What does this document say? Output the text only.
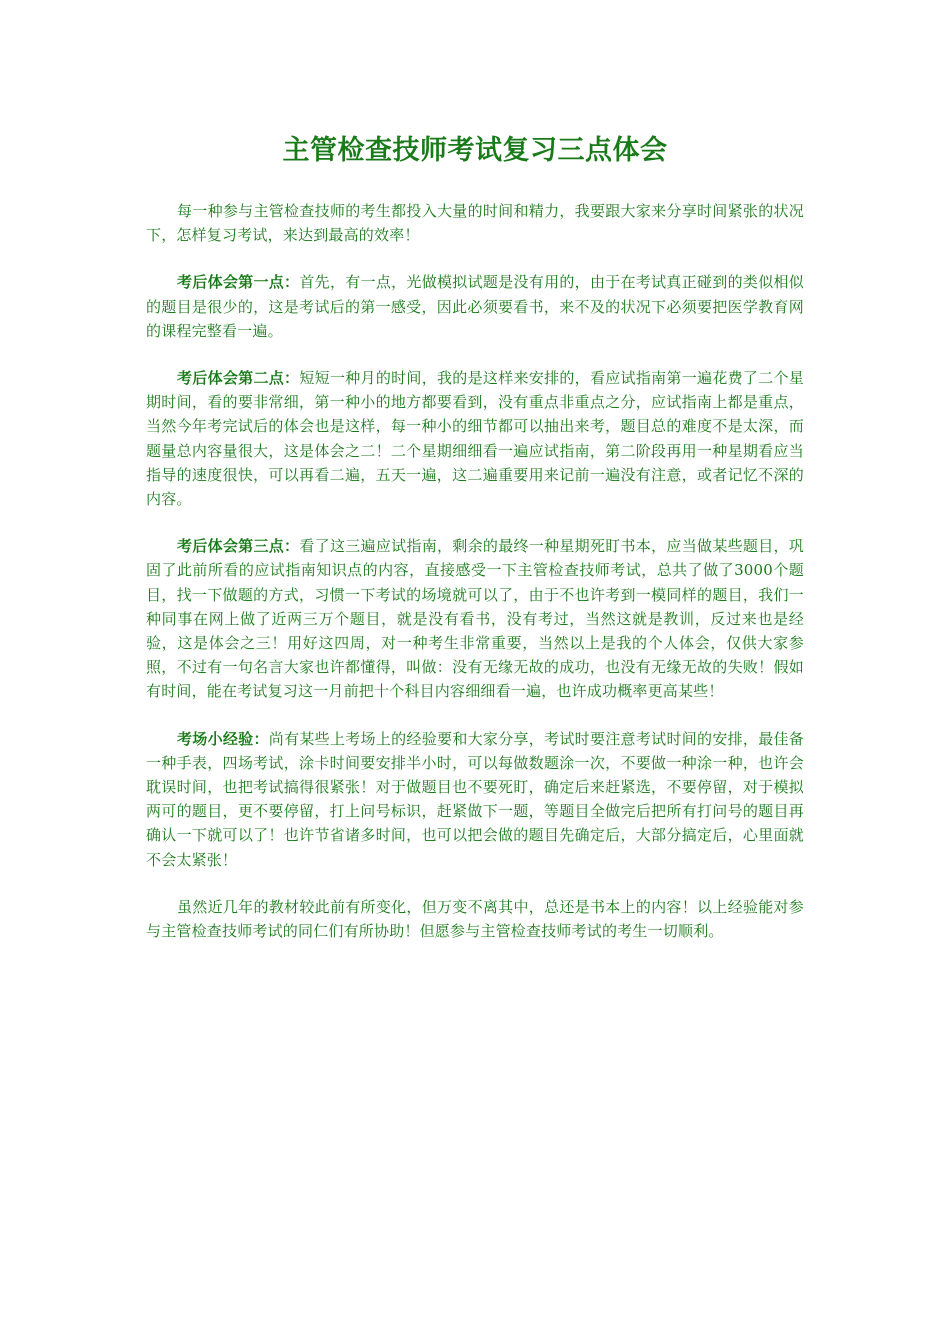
主管检查技师考试复习三点体会

每一种参与主管检查技师的考生都投入大量的时间和精力，我要跟大家来分享时间紧张的状况下，怎样复习考试，来达到最高的效率！

考后体会第一点：首先，有一点，光做模拟试题是没有用的，由于在考试真正碰到的类似相似的题目是很少的，这是考试后的第一感受，因此必须要看书，来不及的状况下必须要把医学教育网的课程完整看一遍。

考后体会第二点：短短一种月的时间，我的是这样来安排的，看应试指南第一遍花费了二个星期时间，看的要非常细，第一种小的地方都要看到，没有重点非重点之分，应试指南上都是重点，当然今年考完试后的体会也是这样，每一种小的细节都可以抽出来考，题目总的难度不是太深，而题量总内容量很大，这是体会之二！二个星期细细看一遍应试指南，第二阶段再用一种星期看应当指导的速度很快，可以再看二遍，五天一遍，这二遍重要用来记前一遍没有注意，或者记忆不深的内容。

考后体会第三点：看了这三遍应试指南，剩余的最终一种星期死盯书本，应当做某些题目，巩固了此前所看的应试指南知识点的内容，直接感受一下主管检查技师考试，总共了做了3000个题目，找一下做题的方式，习惯一下考试的场境就可以了，由于不也许考到一模同样的题目，我们一种同事在网上做了近两三万个题目，就是没有看书，没有考过，当然这就是教训，反过来也是经验，这是体会之三！用好这四周，对一种考生非常重要，当然以上是我的个人体会，仅供大家参照，不过有一句名言大家也许都懂得，叫做：没有无缘无故的成功，也没有无缘无故的失败！假如有时间，能在考试复习这一月前把十个科目内容细细看一遍，也许成功概率更高某些！

考场小经验：尚有某些上考场上的经验要和大家分享，考试时要注意考试时间的安排，最佳备一种手表，四场考试，涂卡时间要安排半小时，可以每做数题涂一次，不要做一种涂一种，也许会耽误时间，也把考试搞得很紧张！对于做题目也不要死盯，确定后来赶紧选，不要停留，对于模拟两可的题目，更不要停留，打上问号标识，赶紧做下一题，等题目全做完后把所有打问号的题目再确认一下就可以了！也许节省诸多时间，也可以把会做的题目先确定后，大部分搞定后，心里面就不会太紧张！

虽然近几年的教材较此前有所变化，但万变不离其中，总还是书本上的内容！以上经验能对参与主管检查技师考试的同仁们有所协助！但愿参与主管检查技师考试的考生一切顺利。
